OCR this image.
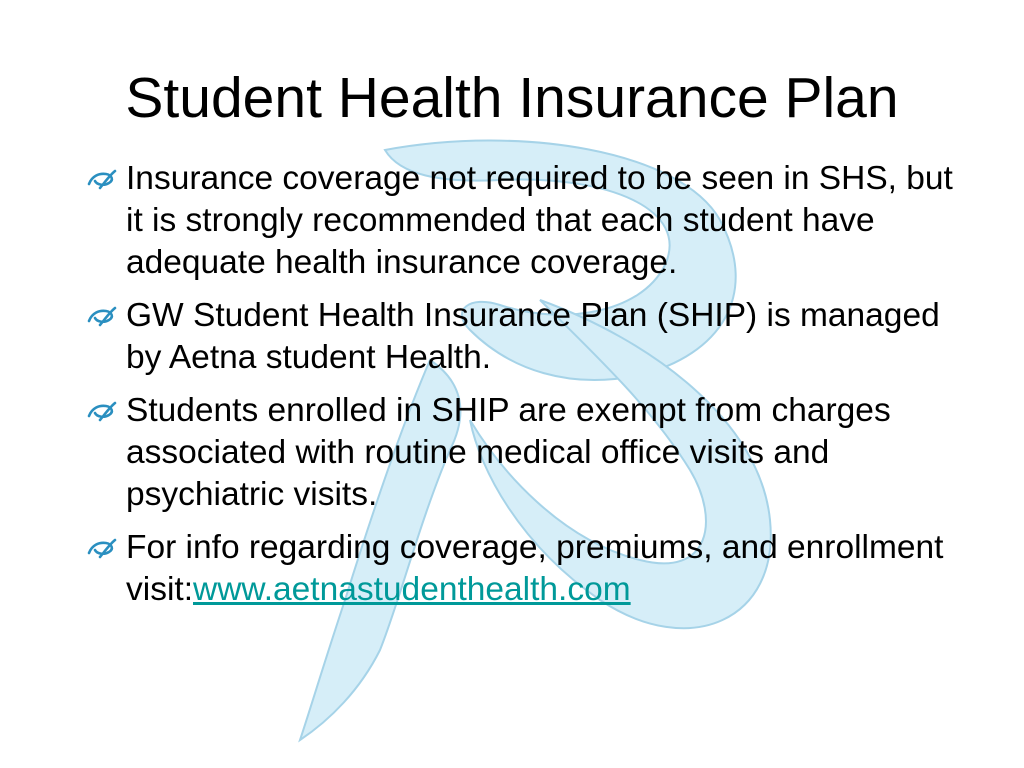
Student Health Insurance Plan
Insurance coverage not required to be seen in SHS, but it is strongly recommended that each student have adequate health insurance coverage.
GW Student Health Insurance Plan (SHIP) is managed by Aetna student Health.
Students enrolled in SHIP are exempt from charges associated with routine medical office visits and psychiatric visits.
For info regarding coverage, premiums, and enrollment visit:www.aetnastudenthealth.com
